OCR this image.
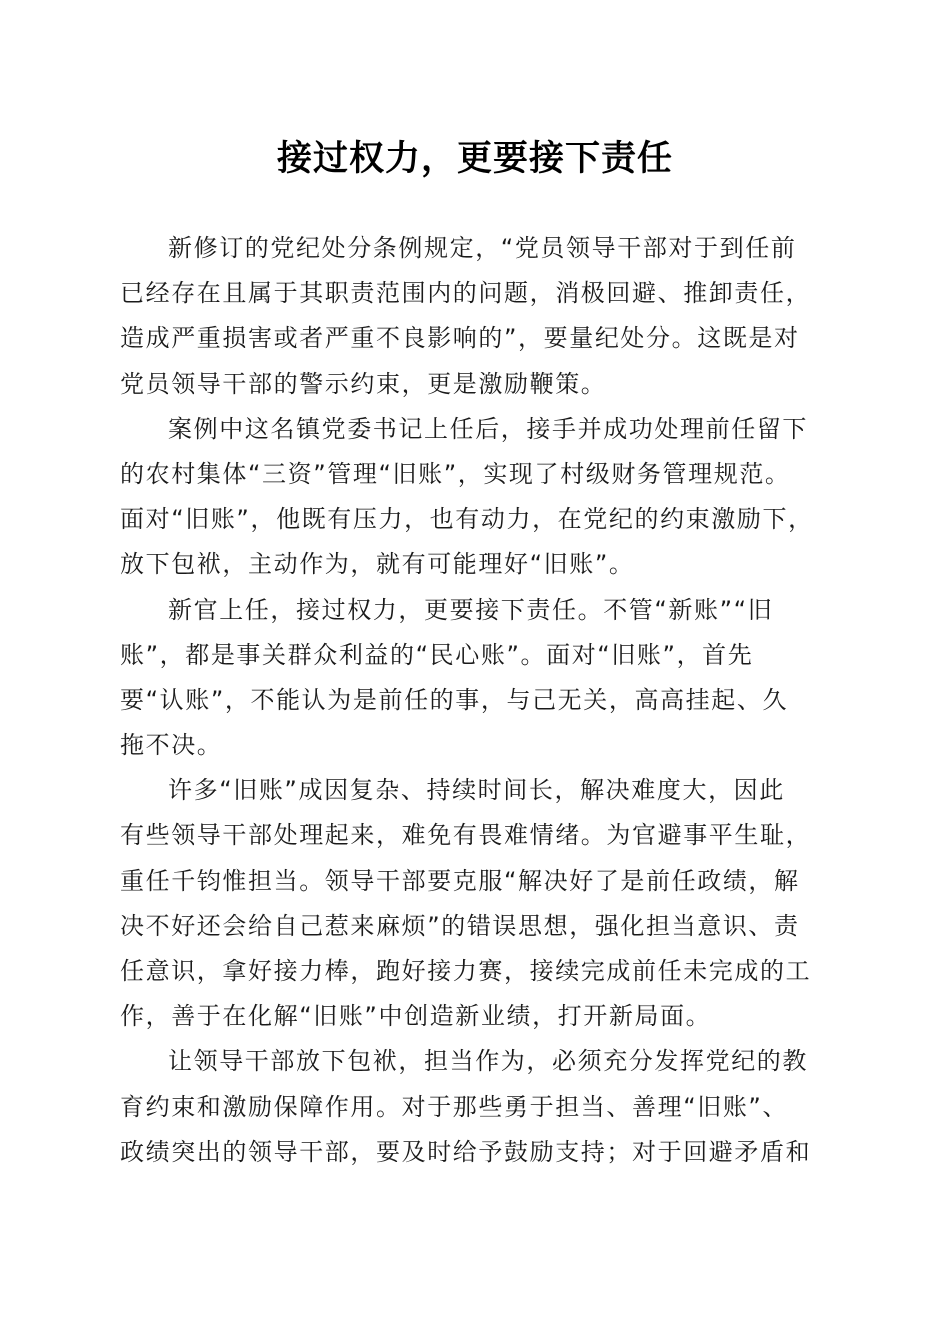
接过权力，更要接下责任
新修订的党纪处分条例规定，“党员领导干部对于到任前
已经存在且属于其职责范围内的问题，消极回避、推卸责任，
造成严重损害或者严重不良影响的”，要量纪处分。这既是对
党员领导干部的警示约束，更是激励鞭策。
案例中这名镇党委书记上任后，接手并成功处理前任留下
的农村集体“三资”管理“旧账”，实现了村级财务管理规范。
面对“旧账”，他既有压力，也有动力，在党纪的约束激励下，
放下包袱，主动作为，就有可能理好“旧账”。
新官上任，接过权力，更要接下责任。不管“新账”“旧
账”，都是事关群众利益的“民心账”。面对“旧账”，首先
要“认账”，不能认为是前任的事，与己无关，高高挂起、久
拖不决。
许多“旧账”成因复杂、持续时间长，解决难度大，因此
有些领导干部处理起来，难免有畏难情绪。为官避事平生耻，
重任千钧惟担当。领导干部要克服“解决好了是前任政绩，解
决不好还会给自己惹来麻烦”的错误思想，强化担当意识、责
任意识，拿好接力棒，跑好接力赛，接续完成前任未完成的工
作，善于在化解“旧账”中创造新业绩，打开新局面。
让领导干部放下包袱，担当作为，必须充分发挥党纪的教
育约束和激励保障作用。对于那些勇于担当、善理“旧账”、
政绩突出的领导干部，要及时给予鼓励支持；对于回避矛盾和
